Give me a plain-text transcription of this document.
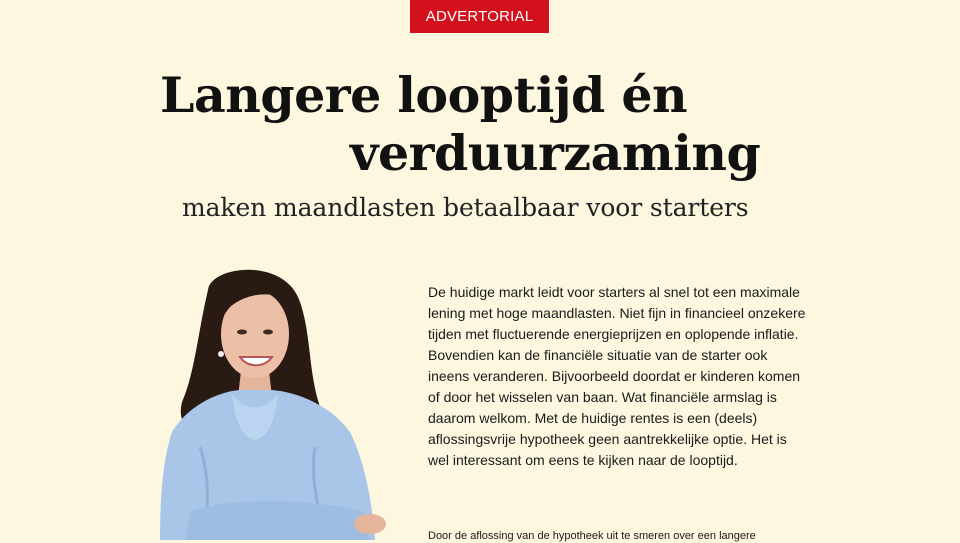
ADVERTORIAL
Langere looptijd én
verduurzaming
maken maandlasten betaalbaar voor starters

De huidige markt leidt voor starters al snel tot een maximale lening met hoge maandlasten. Niet fijn in financieel onzekere tijden met fluctuerende energieprijzen en oplopende inflatie. Bovendien kan de financiële situatie van de starter ook ineens veranderen. Bijvoorbeeld doordat er kinderen komen of door het wisselen van baan. Wat financiële armslag is daarom welkom. Met de huidige rentes is een (deels) aflossingsvrije hypotheek geen aantrekkelijke optie. Het is wel interessant om eens te kijken naar de looptijd.

Door de aflossing van de hypotheek uit te smeren over een langere
